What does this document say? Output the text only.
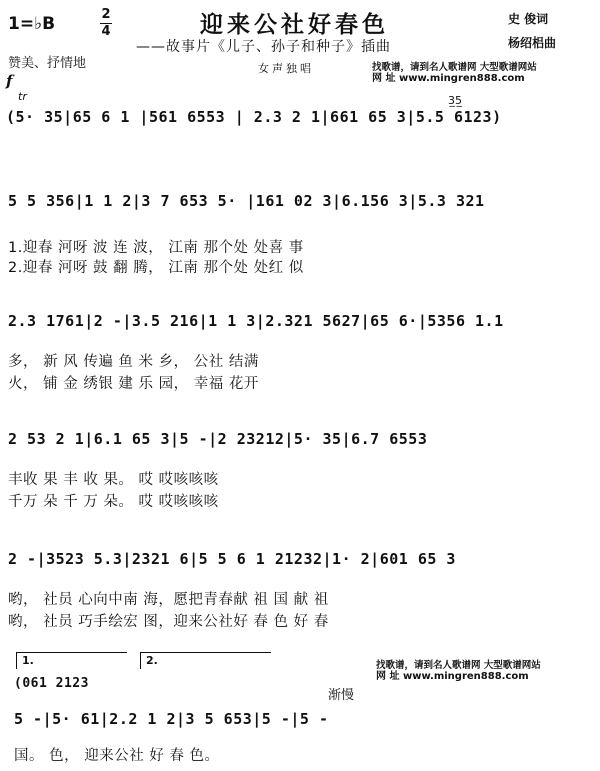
1=♭B	2
4	迎来公社好春色
——故事片《儿子、孙子和种子》插曲
女声独唱
史 俊词
杨绍梠曲
赞美、抒情地	找歌谱，请到名人歌谱网 大型歌谱网站
网 址 www.mingren888.com
f
tr
(5· 35|65 6 1 |561 6553 | 2.3 2 1|661 65 3|5.5 6123)
3̲5̲
5 5 356|1 1 2|3 7 653 5· |161 02 3|6.156 3|5.3 321
1.迎春 河呀 波 连 波， 江南 那个处 处喜 事
2.迎春 河呀 鼓 翻 腾， 江南 那个处 处红 似
2.3 1761|2 -|3.5 216|1 1 3|2.321 5627|65 6·|5356 1.1
多， 新 风 传遍 鱼 米 乡， 公社 结满
火， 铺 金 绣银 建 乐 园， 幸福 花开
2 53 2 1|6.1 65 3|5 -|2 23212|5· 35|6.7 6553
丰收 果 丰 收 果。 哎 哎咳咳咳
千万 朵 千 万 朵。 哎 哎咳咳咳
2 -|3523 5.3|2321 6|5 5 6 1 21232|1· 2|601 65 3
哟， 社员 心向中南 海，愿把青春献 祖 国 献 祖
哟， 社员 巧手绘宏 图，迎来公社好 春 色 好 春
1.	2.	找歌谱，请到名人歌谱网 大型歌谱网站
网 址 www.mingren888.com
(061 2123
渐慢
5 -|5· 61|2.2 1 2|3 5 653|5 -|5 -
国。 色， 迎来公社 好 春 色。
